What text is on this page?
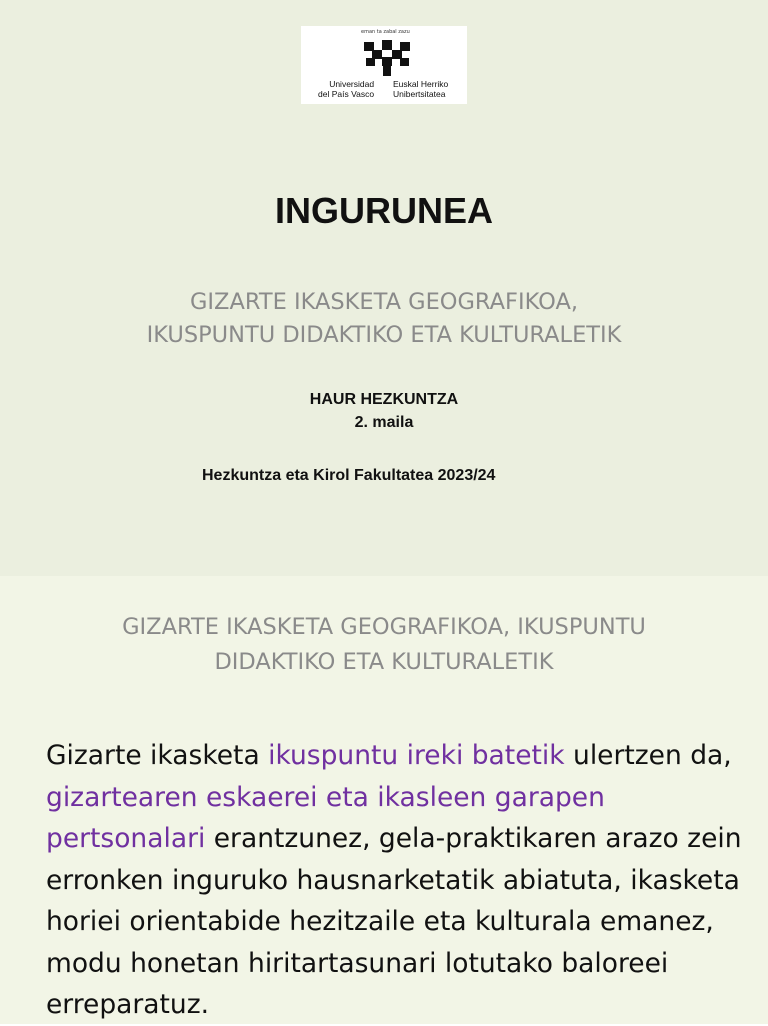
eman ta zabal zazu
Universidad
del País Vasco
Euskal Herriko
Unibertsitatea
INGURUNEA
GIZARTE IKASKETA GEOGRAFIKOA,
IKUSPUNTU DIDAKTIKO ETA KULTURALETIK
HAUR HEZKUNTZA
2. maila
Hezkuntza eta Kirol Fakultatea 2023/24
GIZARTE IKASKETA GEOGRAFIKOA, IKUSPUNTU
DIDAKTIKO ETA KULTURALETIK
Gizarte ikasketa ikuspuntu ireki batetik ulertzen da, gizartearen eskaerei eta ikasleen garapen pertsonalari erantzunez, gela-praktikaren arazo zein erronken inguruko hausnarketatik abiatuta, ikasketa horiei orientabide hezitzaile eta kulturala emanez, modu honetan hiritartasunari lotutako baloreei erreparatuz.
